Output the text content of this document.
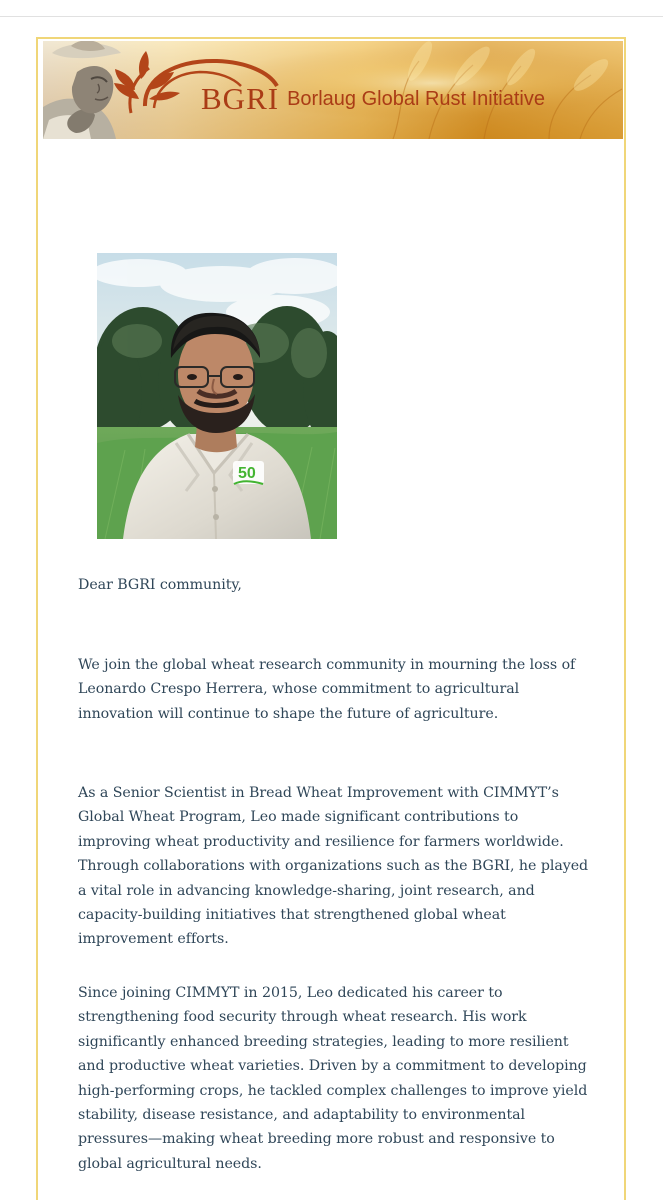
BGRI Borlaug Global Rust Initiative
50

Dear BGRI community,

We join the global wheat research community in mourning the loss of Leonardo Crespo Herrera, whose commitment to agricultural innovation will continue to shape the future of agriculture.

As a Senior Scientist in Bread Wheat Improvement with CIMMYT’s Global Wheat Program, Leo made significant contributions to improving wheat productivity and resilience for farmers worldwide. Through collaborations with organizations such as the BGRI, he played a vital role in advancing knowledge-sharing, joint research, and capacity-building initiatives that strengthened global wheat improvement efforts.

Since joining CIMMYT in 2015, Leo dedicated his career to strengthening food security through wheat research. His work significantly enhanced breeding strategies, leading to more resilient and productive wheat varieties. Driven by a commitment to developing high-performing crops, he tackled complex challenges to improve yield stability, disease resistance, and adaptability to environmental pressures—making wheat breeding more robust and responsive to global agricultural needs.
